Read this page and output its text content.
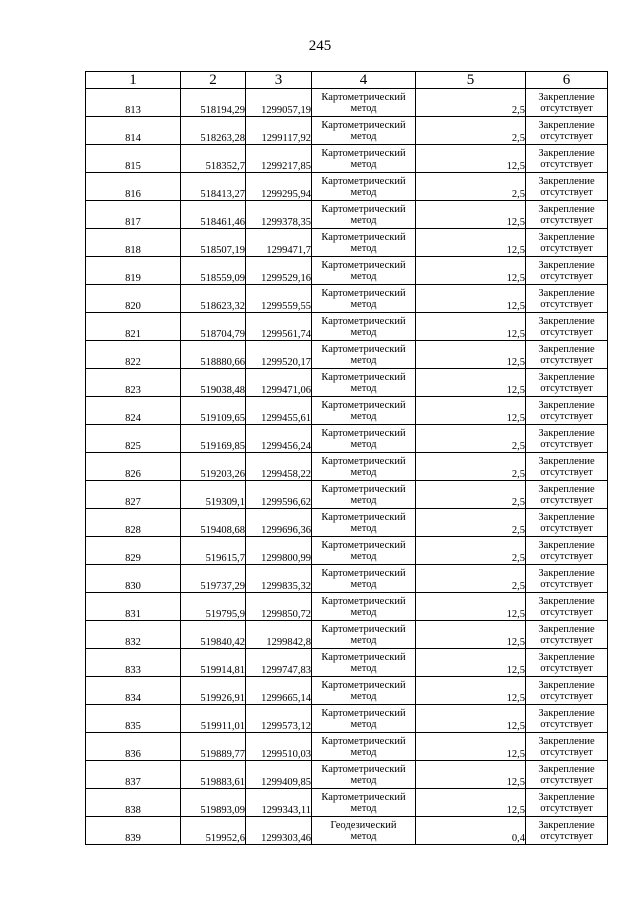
245
1	2	3	4	5	6
813	518194,29	1299057,19	Картометрический
метод	2,5	Закрепление
отсутствует

814	518263,28	1299117,92	Картометрический
метод	2,5	Закрепление
отсутствует

815	518352,7	1299217,85	Картометрический
метод	12,5	Закрепление
отсутствует

816	518413,27	1299295,94	Картометрический
метод	2,5	Закрепление
отсутствует

817	518461,46	1299378,35	Картометрический
метод	12,5	Закрепление
отсутствует

818	518507,19	1299471,7	Картометрический
метод	12,5	Закрепление
отсутствует

819	518559,09	1299529,16	Картометрический
метод	12,5	Закрепление
отсутствует

820	518623,32	1299559,55	Картометрический
метод	12,5	Закрепление
отсутствует

821	518704,79	1299561,74	Картометрический
метод	12,5	Закрепление
отсутствует

822	518880,66	1299520,17	Картометрический
метод	12,5	Закрепление
отсутствует

823	519038,48	1299471,06	Картометрический
метод	12,5	Закрепление
отсутствует

824	519109,65	1299455,61	Картометрический
метод	12,5	Закрепление
отсутствует

825	519169,85	1299456,24	Картометрический
метод	2,5	Закрепление
отсутствует

826	519203,26	1299458,22	Картометрический
метод	2,5	Закрепление
отсутствует

827	519309,1	1299596,62	Картометрический
метод	2,5	Закрепление
отсутствует

828	519408,68	1299696,36	Картометрический
метод	2,5	Закрепление
отсутствует

829	519615,7	1299800,99	Картометрический
метод	2,5	Закрепление
отсутствует

830	519737,29	1299835,32	Картометрический
метод	2,5	Закрепление
отсутствует

831	519795,9	1299850,72	Картометрический
метод	12,5	Закрепление
отсутствует

832	519840,42	1299842,8	Картометрический
метод	12,5	Закрепление
отсутствует

833	519914,81	1299747,83	Картометрический
метод	12,5	Закрепление
отсутствует

834	519926,91	1299665,14	Картометрический
метод	12,5	Закрепление
отсутствует

835	519911,01	1299573,12	Картометрический
метод	12,5	Закрепление
отсутствует

836	519889,77	1299510,03	Картометрический
метод	12,5	Закрепление
отсутствует

837	519883,61	1299409,85	Картометрический
метод	12,5	Закрепление
отсутствует

838	519893,09	1299343,11	Картометрический
метод	12,5	Закрепление
отсутствует

839	519952,6	1299303,46	Геодезический
метод	0,4	Закрепление
отсутствует
